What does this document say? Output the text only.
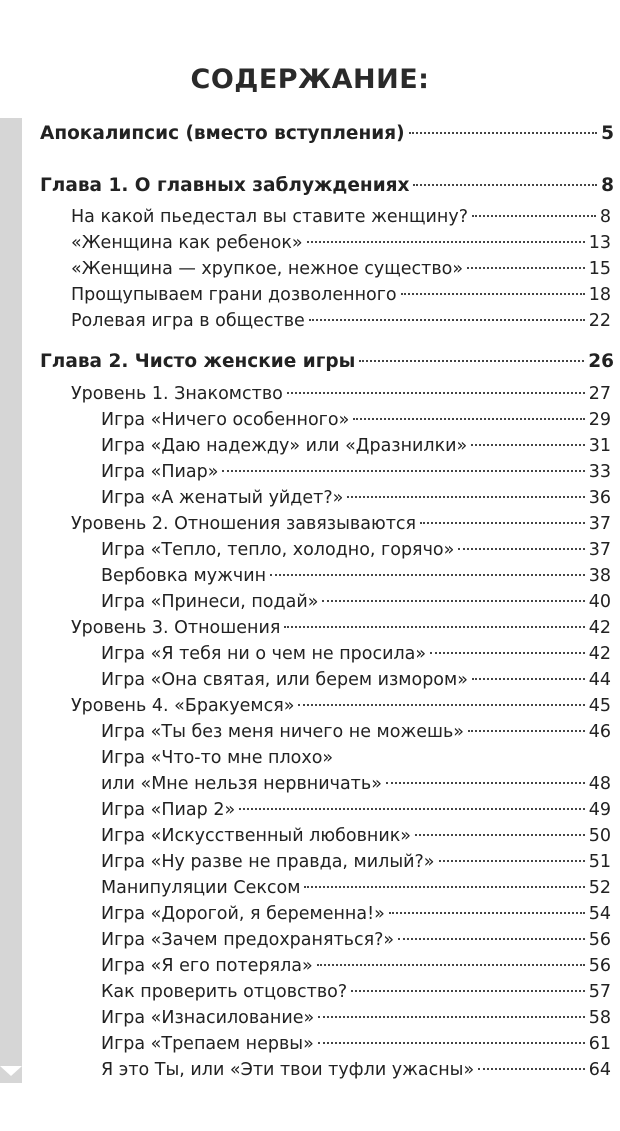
СОДЕРЖАНИЕ:
Апокалипсис (вместо вступления)	5
Глава 1. О главных заблуждениях	8
На какой пьедестал вы ставите женщину?	8
«Женщина как ребенок»	13
«Женщина — хрупкое, нежное существо»	15
Прощупываем грани дозволенного	18
Ролевая игра в обществе	22
Глава 2. Чисто женские игры	26
Уровень 1. Знакомство	27
Игра «Ничего особенного»	29
Игра «Даю надежду» или «Дразнилки»	31
Игра «Пиар»	33
Игра «А женатый уйдет?»	36
Уровень 2. Отношения завязываются	37
Игра «Тепло, тепло, холодно, горячо»	37
Вербовка мужчин	38
Игра «Принеси, подай»	40
Уровень 3. Отношения	42
Игра «Я тебя ни о чем не просила»	42
Игра «Она святая, или берем измором»	44
Уровень 4. «Бракуемся»	45
Игра «Ты без меня ничего не можешь»	46
Игра «Что-то мне плохо»
или «Мне нельзя нервничать»	48
Игра «Пиар 2»	49
Игра «Искусственный любовник»	50
Игра «Ну разве не правда, милый?»	51
Манипуляции Сексом	52
Игра «Дорогой, я беременна!»	54
Игра «Зачем предохраняться?»	56
Игра «Я его потеряла»	56
Как проверить отцовство?	57
Игра «Изнасилование»	58
Игра «Трепаем нервы»	61
Я это Ты, или «Эти твои туфли ужасны»	64
